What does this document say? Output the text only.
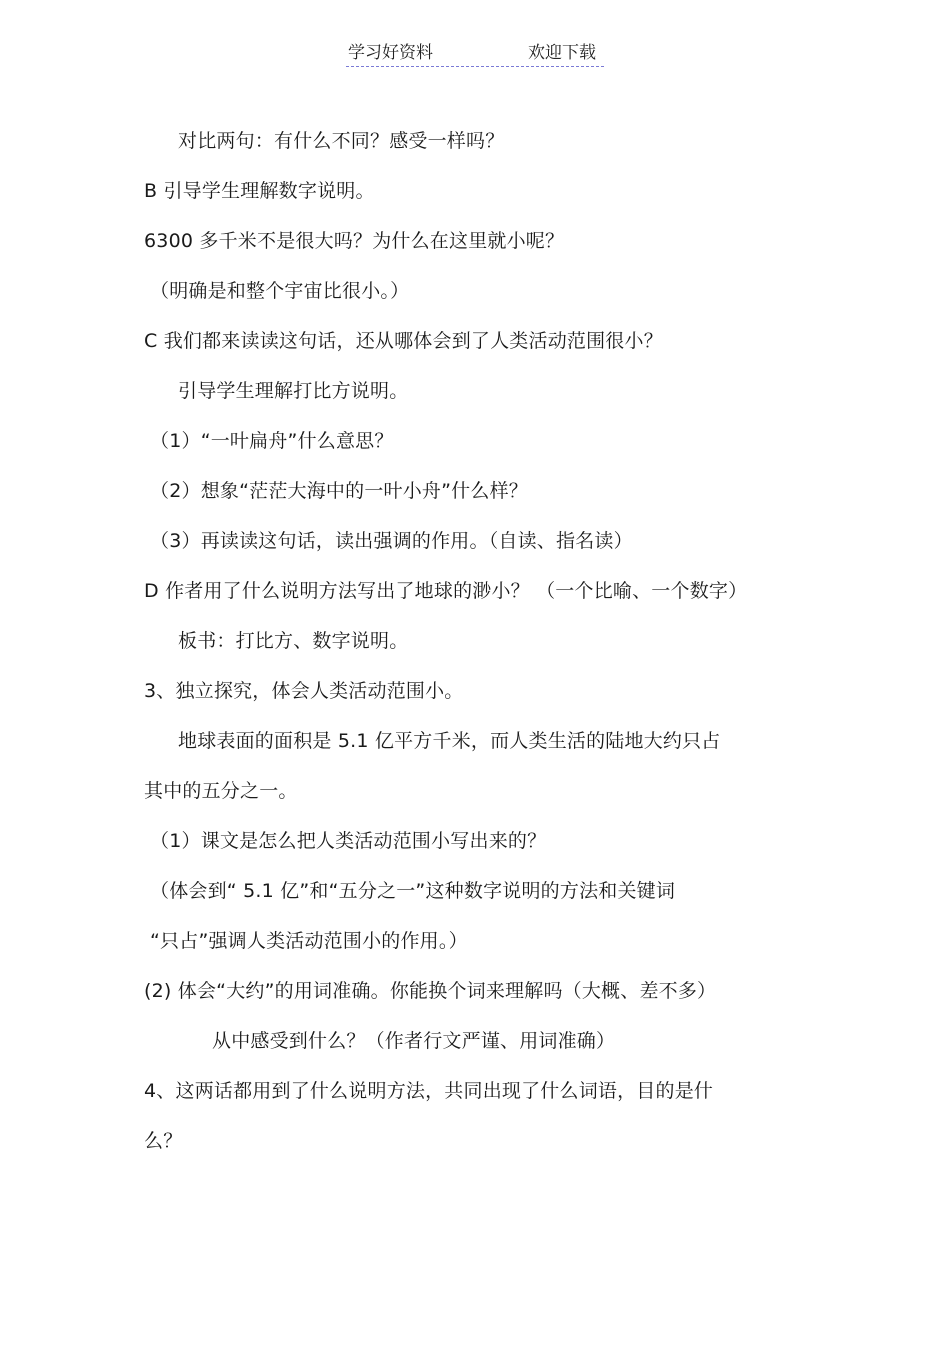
学习好资料	欢迎下载
对比两句：有什么不同？感受一样吗？
B 引导学生理解数字说明。
6300 多千米不是很大吗？为什么在这里就小呢？
（明确是和整个宇宙比很小。）
C 我们都来读读这句话，还从哪体会到了人类活动范围很小？
引导学生理解打比方说明。
（1）“一叶扁舟”什么意思？
（2）想象“茫茫大海中的一叶小舟”什么样？
（3）再读读这句话，读出强调的作用。（自读、指名读）
D 作者用了什么说明方法写出了地球的渺小？ （一个比喻、一个数字）
板书：打比方、数字说明。
3、独立探究，体会人类活动范围小。
地球表面的面积是 5.1 亿平方千米，而人类生活的陆地大约只占
其中的五分之一。
（1）课文是怎么把人类活动范围小写出来的？
（体会到“ 5.1 亿”和“五分之一”这种数字说明的方法和关键词
“只占”强调人类活动范围小的作用。）
(2) 体会“大约”的用词准确。你能换个词来理解吗（大概、差不多）
从中感受到什么？（作者行文严谨、用词准确）
4、这两话都用到了什么说明方法，共同出现了什么词语，目的是什
么？
